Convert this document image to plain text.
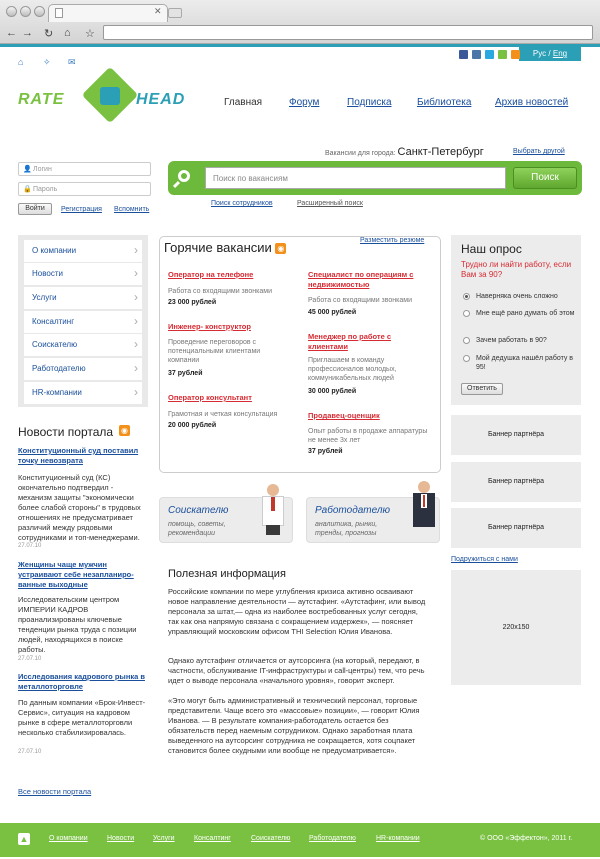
✕
← → ↻ ⌂ ☆
Рус / Eng
⌂ ✧ ✉
RATE	HEAD	Главная	Форум	Подписка	Библиотека Архив новостей
Вакансии для города: Санкт-Петербург	Выбрать другой
Поиск по вакансиям	Поиск
Поиск сотрудников	Расширенный поиск
Логин
👤
Пароль
🔒
Войти	Регистрация Вспомнить
О компании ›
Новости ›
Услуги ›
Консалтинг ›
Соискателю ›
Работодателю ›
HR-компании ›
Новости портала ◉
Конституционный суд поставил точку невозврата
Конституционный суд (КС) окончательно подтвердил - механизм защиты "экономически более слабой стороны" в трудовых отношениях не предусматривает различий между рядовыми сотрудниками и топ-менеджерами.
27.07.10
Женщины чаще мужчин устраивают себе незапланиро-ванные выходные
Исследовательским центром ИМПЕРИИ КАДРОВ проанализированы ключевые тенденции рынка труда с позиции людей, находящихся в поиске работы.
27.07.10
Исследования кадрового рынка в металлоторговле
По данным компании «Брок-Инвест-Сервис», ситуация на кадровом рынке в сфере металлоторговли несколько стабилизировалась.
27.07.10
Все новости портала
Горячие вакансии ◉
Разместить резюме
Оператор на телефоне
Работа со входящими звонками
23 000 рублей
Инженер- конструктор
Проведение переговоров с потенциальными клиентами компании
37 рублей
Оператор консультант
Грамотная и четкая консультация
20 000 рублей
Специалист по операциям с недвижимостью
Работа со входящими звонками
45 000 рублей
Менеджер по работе с клиентами
Приглашаем в команду профессионалов молодых, коммуникабельных людей
30 000 рублей
Продавец-оценщик
Опыт работы в продаже аппаратуры не менее 3х лет
37 рублей
Соискателю
помощь, советы, рекомендации
Работодателю
аналитика, рынки, тренды, прогнозы
Полезная информация
Российские компании по мере углубления кризиса активно осваивают новое направление деятельности — аутстафинг. «Аутстафинг, или вывод персонала за штат,— одна из наиболее востребованных услуг сегодня, так как она напрямую связана с сокращением издержек», — поясняет управляющий московским офисом THI Selection Юлия Иванова.
Однако аутстафинг отличается от аутсорсинга (на который, передают, в частности, обслуживание IT-инфраструктуры и call-центры) тем, что речь идет о выводе персонала «начального уровня», говорит эксперт.
«Это могут быть административный и технический персонал, торговые представители. Чаще всего это «массовые» позиции», — говорит Юлия Иванова. — В результате компания-работодатель остается без обязательств перед наемным сотрудником. Однако заработная плата выведенного на аутсорсинг сотрудника не сокращается, хотя соцпакет становится более скудными или вообще не предусматривается».
Наш опрос
Трудно ли найти работу, если Вам за 90?
Наверняка очень сложно
Мне ещё рано думать об этом
Зачем работать в 90?
Мой дедушка нашёл работу в 95!
Ответить
Баннер партнёра
Баннер партнёра
Баннер партнёра
Подружиться с нами
220x150
▲	О компании	Новости	Услуги	Консалтинг	Соискателю	Работодателю	HR-компании	© ООО «Эффектон», 2011 г.
